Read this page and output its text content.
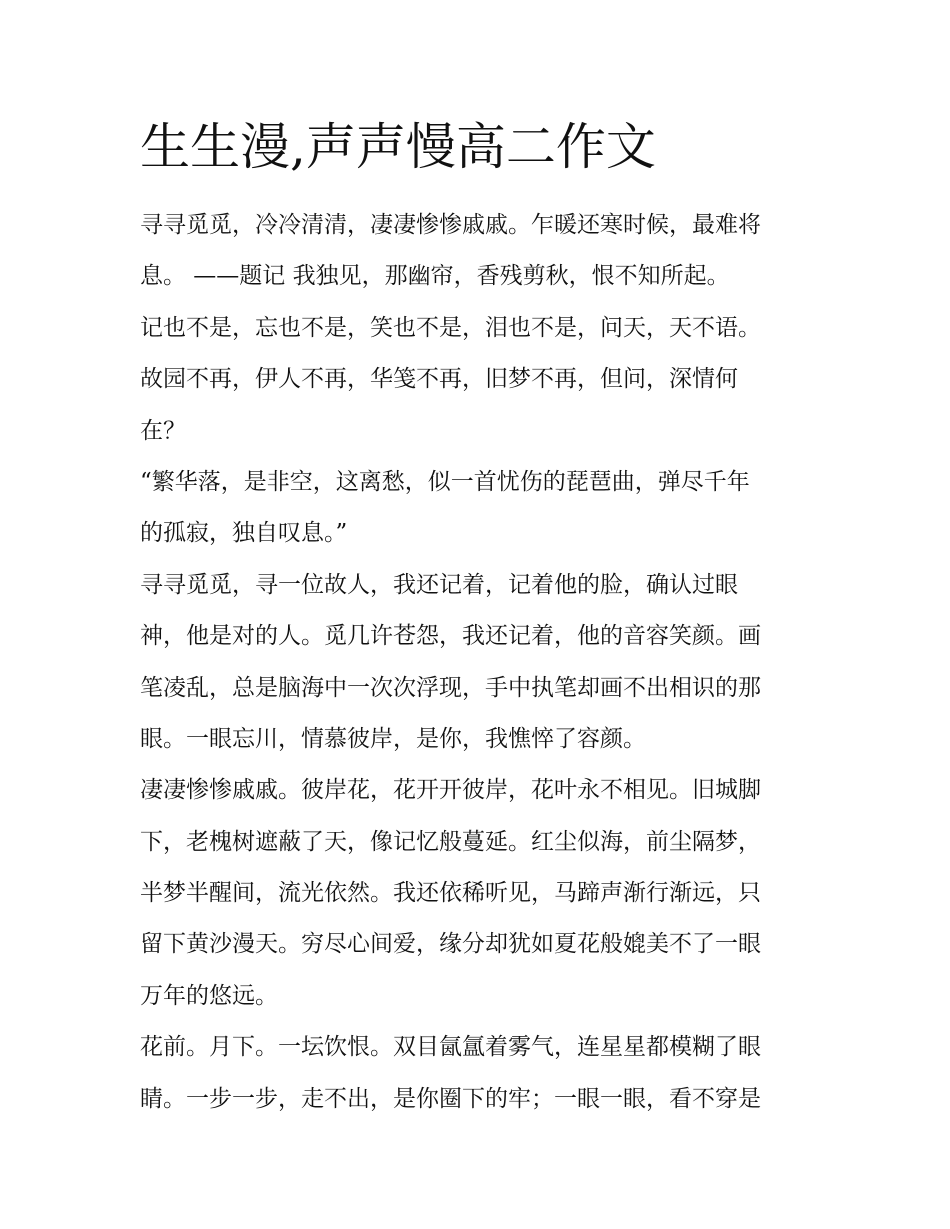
生生漫,声声慢高二作文
寻寻觅觅，冷冷清清，凄凄惨惨戚戚。乍暖还寒时候，最难将
息。 ——题记 我独见，那幽帘，香残剪秋，恨不知所起。
记也不是，忘也不是，笑也不是，泪也不是，问天，天不语。
故园不再，伊人不再，华笺不再，旧梦不再，但问，深情何
在？
“繁华落，是非空，这离愁，似一首忧伤的琵琶曲，弹尽千年
的孤寂，独自叹息。”
寻寻觅觅，寻一位故人，我还记着，记着他的脸，确认过眼
神，他是对的人。觅几许苍怨，我还记着，他的音容笑颜。画
笔凌乱，总是脑海中一次次浮现，手中执笔却画不出相识的那
眼。一眼忘川，情慕彼岸，是你，我憔悴了容颜。
凄凄惨惨戚戚。彼岸花，花开开彼岸，花叶永不相见。旧城脚
下，老槐树遮蔽了天，像记忆般蔓延。红尘似海，前尘隔梦，
半梦半醒间，流光依然。我还依稀听见，马蹄声渐行渐远，只
留下黄沙漫天。穷尽心间爱，缘分却犹如夏花般媲美不了一眼
万年的悠远。
花前。月下。一坛饮恨。双目氤氲着雾气，连星星都模糊了眼
睛。一步一步，走不出，是你圈下的牢；一眼一眼，看不穿是
